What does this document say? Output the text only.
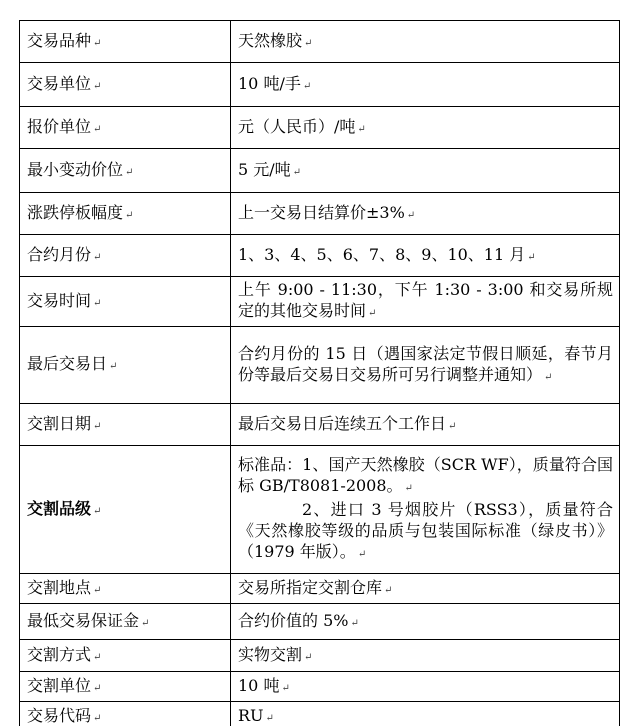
交易品种 ↵	天然橡胶 ↵
交易单位 ↵	10 吨/手 ↵
报价单位 ↵	元（人民币）/吨 ↵
最小变动价位 ↵	5 元/吨 ↵
涨跌停板幅度 ↵	上一交易日结算价±3% ↵
合约月份 ↵	1、3、4、5、6、7、8、9、10、11 月 ↵
交易时间 ↵	上午 9:00 - 11:30，下午 1:30 - 3:00 和交易所规定的其他交易时间 ↵
最后交易日 ↵	合约月份的 15 日（遇国家法定节假日顺延，春节月份等最后交易日交易所可另行调整并通知） ↵
交割日期 ↵	最后交易日后连续五个工作日 ↵
交割品级 ↵	标准品：1、国产天然橡胶（SCR WF），质量符合国标 GB/T8081-2008。 ↵
2、进口 3 号烟胶片（RSS3），质量符合《天然橡胶等级的品质与包装国际标准（绿皮书）》（1979 年版）。 ↵

交割地点 ↵	交易所指定交割仓库 ↵
最低交易保证金 ↵	合约价值的 5% ↵
交割方式 ↵	实物交割 ↵
交割单位 ↵	10 吨 ↵
交易代码 ↵	RU ↵
